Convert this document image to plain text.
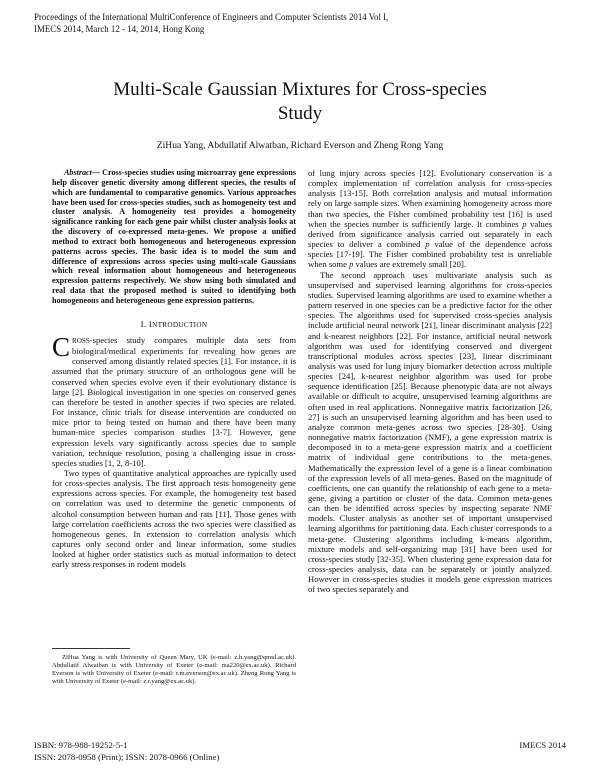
Proceedings of the International MultiConference of Engineers and Computer Scientists 2014 Vol I,
IMECS 2014, March 12 - 14, 2014, Hong Kong
Multi-Scale Gaussian Mixtures for Cross-species
Study
ZiHua Yang, Abdullatif Alwatban, Richard Everson and Zheng Rong Yang

Abstract— Cross-species studies using microarray gene expressions help discover genetic diversity among different species, the results of which are fundamental to comparative genomics. Various approaches have been used for cross-species studies, such as homogeneity test and cluster analysis. A homogeneity test provides a homogeneity significance ranking for each gene pair whilst cluster analysis looks at the discovery of co-expressed meta-genes. We propose a unified method to extract both homogeneous and heterogeneous expression patterns across species. The basic idea is to model the sum and difference of expressions across species using multi-scale Gaussians which reveal information about homogeneous and heterogeneous expression patterns respectively. We show using both simulated and real data that the proposed method is suited to identifying both homogeneous and heterogeneous gene expression patterns.

I. INTRODUCTION

CROSS-species study compares multiple data sets from biological/medical experiments for revealing how genes are conserved among distantly related species [1]. For instance, it is assumed that the primary structure of an orthologous gene will be conserved when species evolve even if their evolutionary distance is large [2]. Biological investigation in one species on conserved genes can therefore be tested in another species if two species are related. For instance, clinic trials for disease intervention are conducted on mice prior to being tested on human and there have been many human-mice species comparison studies [3-7]. However, gene expression levels vary significantly across species due to sample variation, technique resolution, posing a challenging issue in cross-species studies [1, 2, 8-10].

Two types of quantitative analytical approaches are typically used for cross-species analysis. The first approach tests homogeneity gene expressions across species. For example, the homogeneity test based on correlation was used to determine the genetic components of alcohol consumption between human and rats [11]. Those genes with large correlation coefficients across the two species were classified as homogeneous genes. In extension to correlation analysis which captures only second order and linear information, some studies looked at higher order statistics such as mutual information to detect early stress responses in rodent models

ZiHua Yang is with University of Queen Mary, UK (e-mail: z.h.yang@qmul.ac.uk). Abdullatif Alwatban is with University of Exeter (e-mail: ma220@ex.ac.uk). Richard Everson is with University of Exeter (e-mail: r.m.everson@ex.ac.uk). Zheng Rong Yang is with University of Exeter (e-mail: z.r.yang@ex.ac.uk).

of lung injury across species [12]. Evolutionary conservation is a complex implementation of correlation analysis for cross-species analysis [13-15]. Both correlation analysis and mutual information rely on large sample sizes. When examining homogeneity across more than two species, the Fisher combined probability test [16] is used when the species number is sufficiently large. It combines p values derived from significance analysis carried out separately in each species to deliver a combined p value of the dependence across species [17-19]. The Fisher combined probability test is unreliable when some p values are extremely small [20].

The second approach uses multivariate analysis such as unsupervised and supervised learning algorithms for cross-species studies. Supervised learning algorithms are used to examine whether a pattern reserved in one species can be a predictive factor for the other species. The algorithms used for supervised cross-species analysis include artificial neural network [21], linear discriminant analysis [22] and k-nearest neighbors [22]. For instance, artificial neural network algorithm was used for identifying conserved and divergent transcriptional modules across species [23], linear discriminant analysis was used for lung injury biomarker detection across multiple species [24], k-nearest neighbor algorithm was used for probe sequence identification [25]. Because phenotypic data are not always available or difficult to acquire, unsupervised learning algorithms are often used in real applications. Nonnegative matrix factorization [26, 27] is such an unsupervised learning algorithm and has been used to analyze common meta-genes across two species [28-30]. Using nonnegative matrix factorization (NMF), a gene expression matrix is decomposed in to a meta-gene expression matrix and a coefficient matrix of individual gene contributions to the meta-genes. Mathematically the expression level of a gene is a linear combination of the expression levels of all meta-genes. Based on the magnitude of coefficients, one can quantify the relationship of each gene to a meta-gene, giving a partition or cluster of the data. Common meta-genes can then be identified across species by inspecting separate NMF models. Cluster analysis as another set of important unsupervised learning algorithms for partitioning data. Each cluster corresponds to a meta-gene. Clustering algorithms including k-means algorithm, mixture models and self-organizing map [31] have been used for cross-species study [32-35]. When clustering gene expression data for cross-species analysis, data can be separately or jointly analyzed. However in cross-species studies it models gene expression matrices of two species separately and

ISBN: 978-988-19252-5-1
ISSN: 2078-0958 (Print); ISSN: 2078-0966 (Online)
IMECS 2014
